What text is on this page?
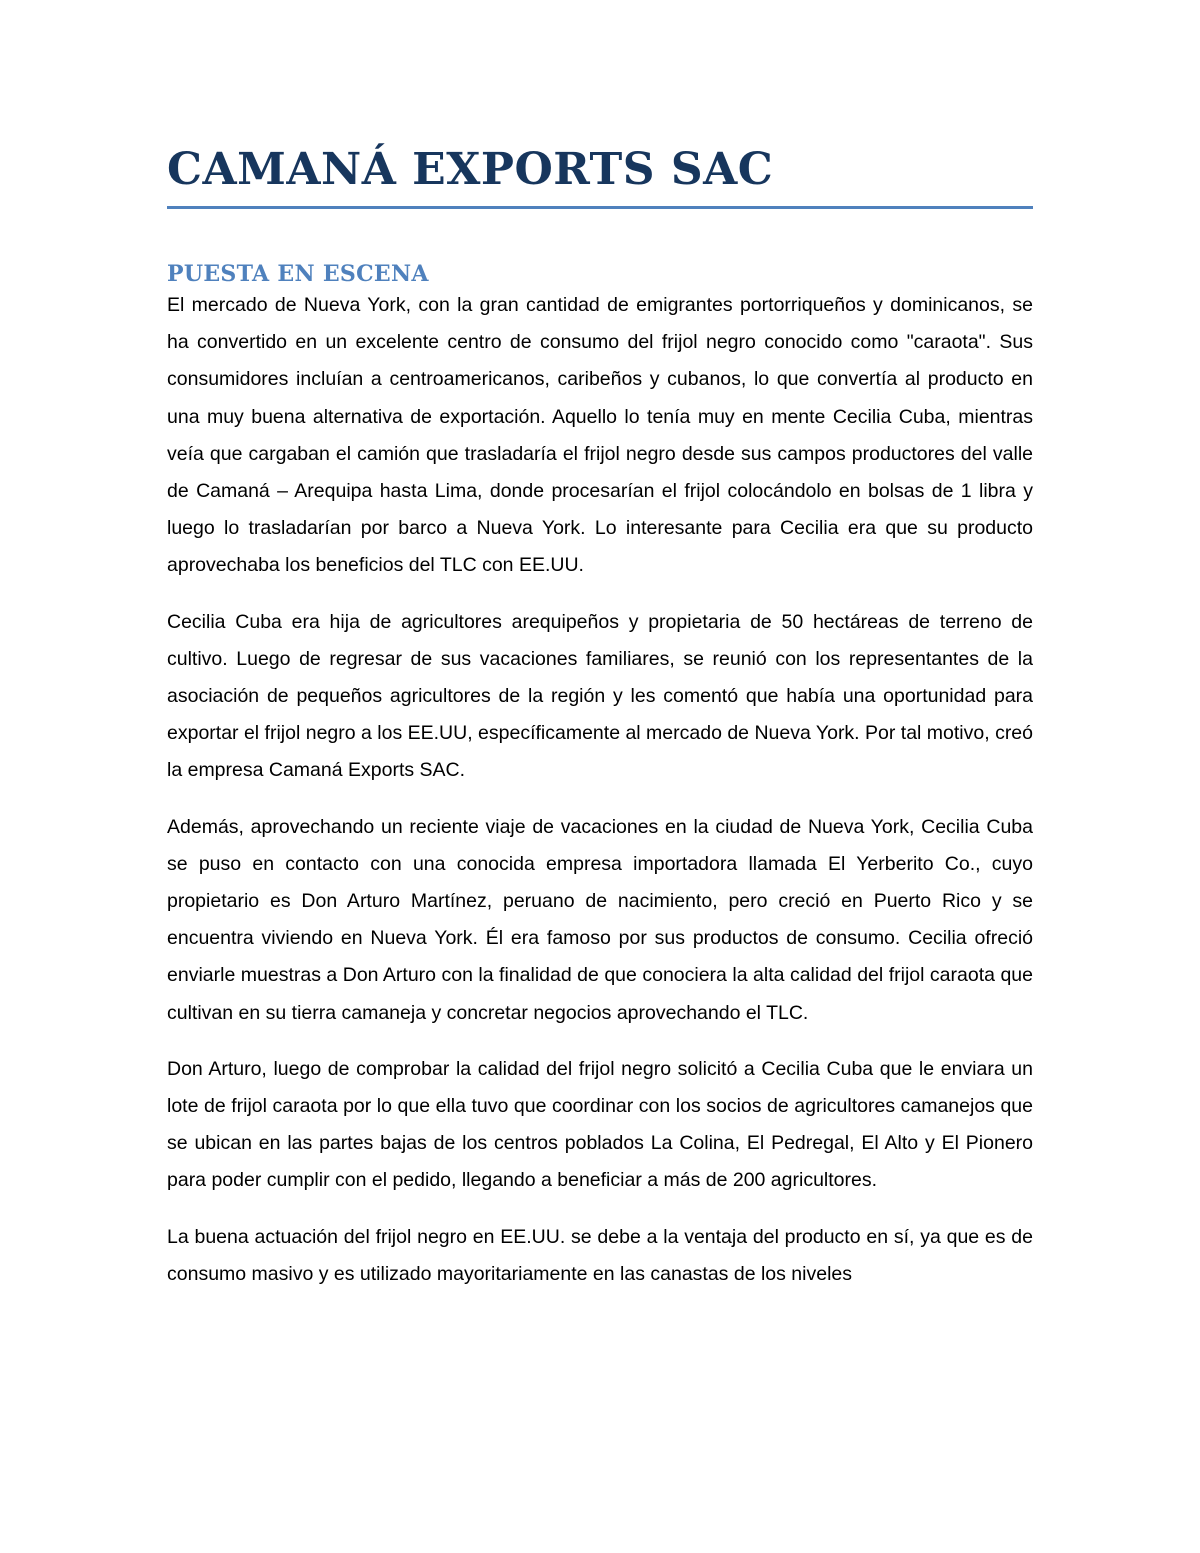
CAMANÁ EXPORTS SAC
PUESTA EN ESCENA

El mercado de Nueva York, con la gran cantidad de emigrantes portorriqueños y dominicanos, se ha convertido en un excelente centro de consumo del frijol negro conocido como "caraota". Sus consumidores incluían a centroamericanos, caribeños y cubanos, lo que convertía al producto en una muy buena alternativa de exportación. Aquello lo tenía muy en mente Cecilia Cuba, mientras veía que cargaban el camión que trasladaría el frijol negro desde sus campos productores del valle de Camaná – Arequipa hasta Lima, donde procesarían el frijol colocándolo en bolsas de 1 libra y luego lo trasladarían por barco a Nueva York. Lo interesante para Cecilia era que su producto aprovechaba los beneficios del TLC con EE.UU.

Cecilia Cuba era hija de agricultores arequipeños y propietaria de 50 hectáreas de terreno de cultivo. Luego de regresar de sus vacaciones familiares, se reunió con los representantes de la asociación de pequeños agricultores de la región y les comentó que había una oportunidad para exportar el frijol negro a los EE.UU, específicamente al mercado de Nueva York. Por tal motivo, creó la empresa Camaná Exports SAC.

Además, aprovechando un reciente viaje de vacaciones en la ciudad de Nueva York, Cecilia Cuba se puso en contacto con una conocida empresa importadora llamada El Yerberito Co., cuyo propietario es Don Arturo Martínez, peruano de nacimiento, pero creció en Puerto Rico y se encuentra viviendo en Nueva York. Él era famoso por sus productos de consumo. Cecilia ofreció enviarle muestras a Don Arturo con la finalidad de que conociera la alta calidad del frijol caraota que cultivan en su tierra camaneja y concretar negocios aprovechando el TLC.

Don Arturo, luego de comprobar la calidad del frijol negro solicitó a Cecilia Cuba que le enviara un lote de frijol caraota por lo que ella tuvo que coordinar con los socios de agricultores camanejos que se ubican en las partes bajas de los centros poblados La Colina, El Pedregal, El Alto y El Pionero para poder cumplir con el pedido, llegando a beneficiar a más de 200 agricultores.

La buena actuación del frijol negro en EE.UU. se debe a la ventaja del producto en sí, ya que es de consumo masivo y es utilizado mayoritariamente en las canastas de los niveles
